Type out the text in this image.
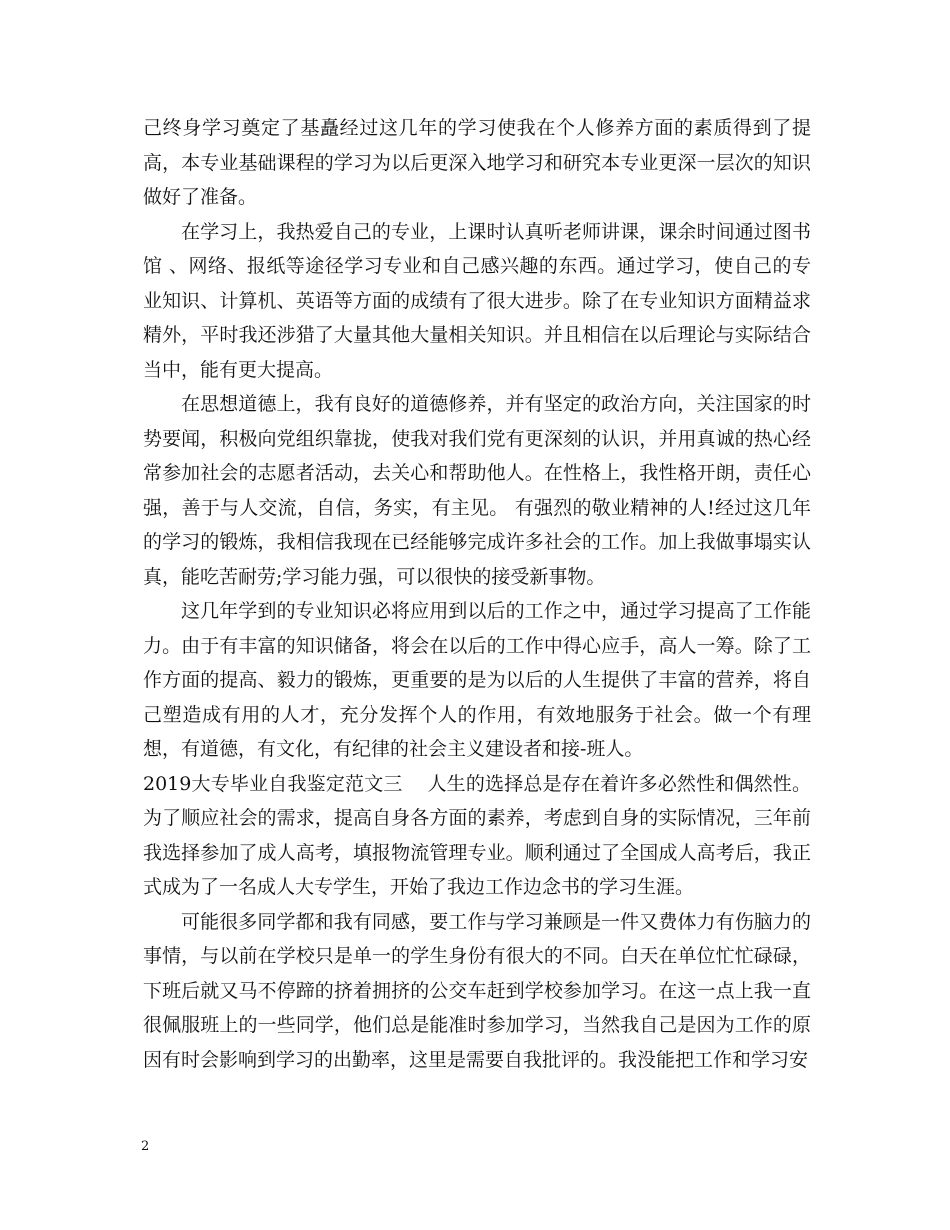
己终身学习奠定了基矗经过这几年的学习使我在个人修养方面的素质得到了提高，本专业基础课程的学习为以后更深入地学习和研究本专业更深一层次的知识做好了准备。

在学习上，我热爱自己的专业，上课时认真听老师讲课，课余时间通过图书馆 、网络、报纸等途径学习专业和自己感兴趣的东西。通过学习，使自己的专业知识、计算机、英语等方面的成绩有了很大进步。除了在专业知识方面精益求精外，平时我还涉猎了大量其他大量相关知识。并且相信在以后理论与实际结合当中，能有更大提高。

在思想道德上，我有良好的道德修养，并有坚定的政治方向，关注国家的时势要闻，积极向党组织靠拢，使我对我们党有更深刻的认识，并用真诚的热心经常参加社会的志愿者活动，去关心和帮助他人。在性格上，我性格开朗，责任心强，善于与人交流，自信，务实，有主见。 有强烈的敬业精神的人!经过这几年的学习的锻炼，我相信我现在已经能够完成许多社会的工作。加上我做事塌实认真，能吃苦耐劳;学习能力强，可以很快的接受新事物。

这几年学到的专业知识必将应用到以后的工作之中，通过学习提高了工作能力。由于有丰富的知识储备，将会在以后的工作中得心应手，高人一筹。除了工作方面的提高、毅力的锻炼，更重要的是为以后的人生提供了丰富的营养，将自己塑造成有用的人才，充分发挥个人的作用，有效地服务于社会。做一个有理想，有道德，有文化，有纪律的社会主义建设者和接-班人。

2019大专毕业自我鉴定范文三    人生的选择总是存在着许多必然性和偶然性。为了顺应社会的需求，提高自身各方面的素养，考虑到自身的实际情况，三年前我选择参加了成人高考，填报物流管理专业。顺利通过了全国成人高考后，我正式成为了一名成人大专学生，开始了我边工作边念书的学习生涯。

可能很多同学都和我有同感，要工作与学习兼顾是一件又费体力有伤脑力的事情，与以前在学校只是单一的学生身份有很大的不同。白天在单位忙忙碌碌，下班后就又马不停蹄的挤着拥挤的公交车赶到学校参加学习。在这一点上我一直很佩服班上的一些同学，他们总是能准时参加学习，当然我自己是因为工作的原因有时会影响到学习的出勤率，这里是需要自我批评的。我没能把工作和学习安

2
